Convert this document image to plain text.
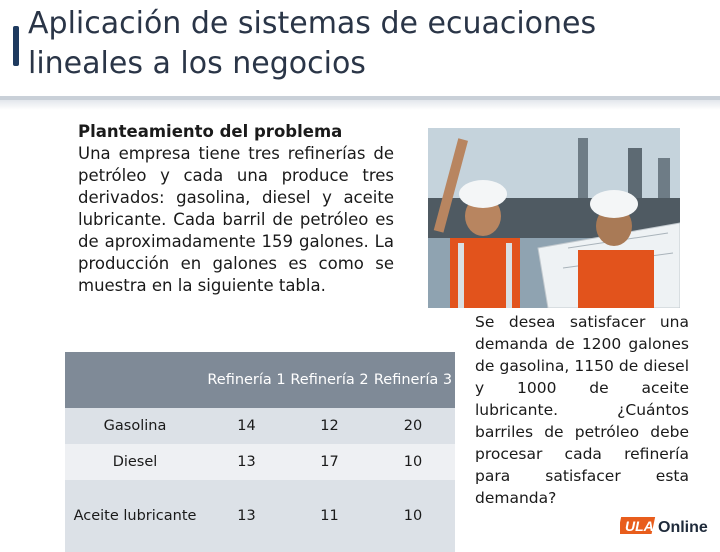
Aplicación de sistemas de ecuaciones
lineales a los negocios
Planteamiento del problema
Una empresa tiene tres refinerías de petróleo y cada una produce tres derivados: gasolina, diesel y aceite lubricante. Cada barril de petróleo es de aproximadamente 159 galones. La producción en galones es como se muestra en la siguiente tabla.
	Refinería 1	Refinería 2	Refinería 3
Gasolina	14	12	20
Diesel	13	17	10
Aceite lubricante	13	11	10
Se desea satisfacer una demanda de 1200 galones de gasolina, 1150 de diesel y 1000 de aceite lubricante. ¿Cuántos barriles de petróleo debe procesar cada refinería para satisfacer esta demanda?
ULA Online
